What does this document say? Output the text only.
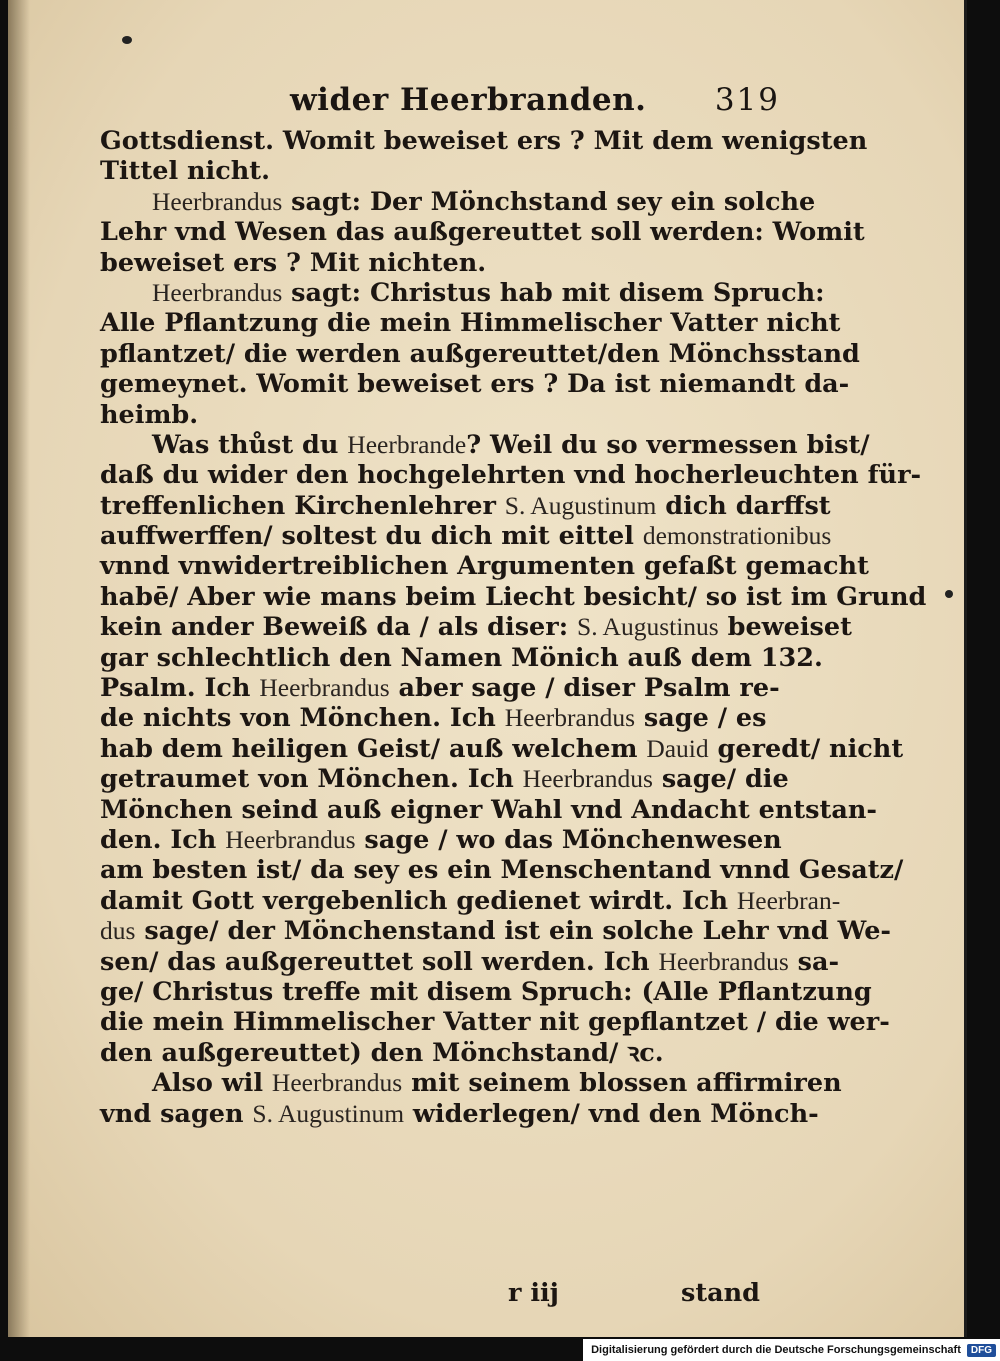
wider Heerbranden. 319
Gottsdienst. Womit beweiset ers ? Mit dem wenigsten
Tittel nicht.
Heerbrandus sagt: Der Mönchstand sey ein solche
Lehr vnd Wesen das außgereuttet soll werden: Womit
beweiset ers ? Mit nichten.
Heerbrandus sagt: Christus hab mit disem Spruch:
Alle Pflantzung die mein Himmelischer Vatter nicht
pflantzet/ die werden außgereuttet/den Mönchsstand
gemeynet. Womit beweiset ers ? Da ist niemandt da-
heimb.
Was thůst du Heerbrande? Weil du so vermessen bist/
daß du wider den hochgelehrten vnd hocherleuchten für-
treffenlichen Kirchenlehrer S. Augustinum dich darffst
auffwerffen/ soltest du dich mit eittel demonstrationibus
vnnd vnwidertreiblichen Argumenten gefaßt gemacht
habē/ Aber wie mans beim Liecht besicht/ so ist im Grund
kein ander Beweiß da / als diser: S. Augustinus beweiset
gar schlechtlich den Namen Mönich auß dem 132.
Psalm. Ich Heerbrandus aber sage / diser Psalm re-
de nichts von Mönchen. Ich Heerbrandus sage / es
hab dem heiligen Geist/ auß welchem Dauid geredt/ nicht
getraumet von Mönchen. Ich Heerbrandus sage/ die
Mönchen seind auß eigner Wahl vnd Andacht entstan-
den. Ich Heerbrandus sage / wo das Mönchenwesen
am besten ist/ da sey es ein Menschentand vnnd Gesatz/
damit Gott vergebenlich gedienet wirdt. Ich Heerbran-
dus sage/ der Mönchenstand ist ein solche Lehr vnd We-
sen/ das außgereuttet soll werden. Ich Heerbrandus sa-
ge/ Christus treffe mit disem Spruch: (Alle Pflantzung
die mein Himmelischer Vatter nit gepflantzet / die wer-
den außgereuttet) den Mönchstand/ ꝛc.
Also wil Heerbrandus mit seinem blossen affirmiren
vnd sagen S. Augustinum widerlegen/ vnd den Mönch-
r iij	stand
Digitalisierung gefördert durch die Deutsche Forschungsgemeinschaft	DFG
